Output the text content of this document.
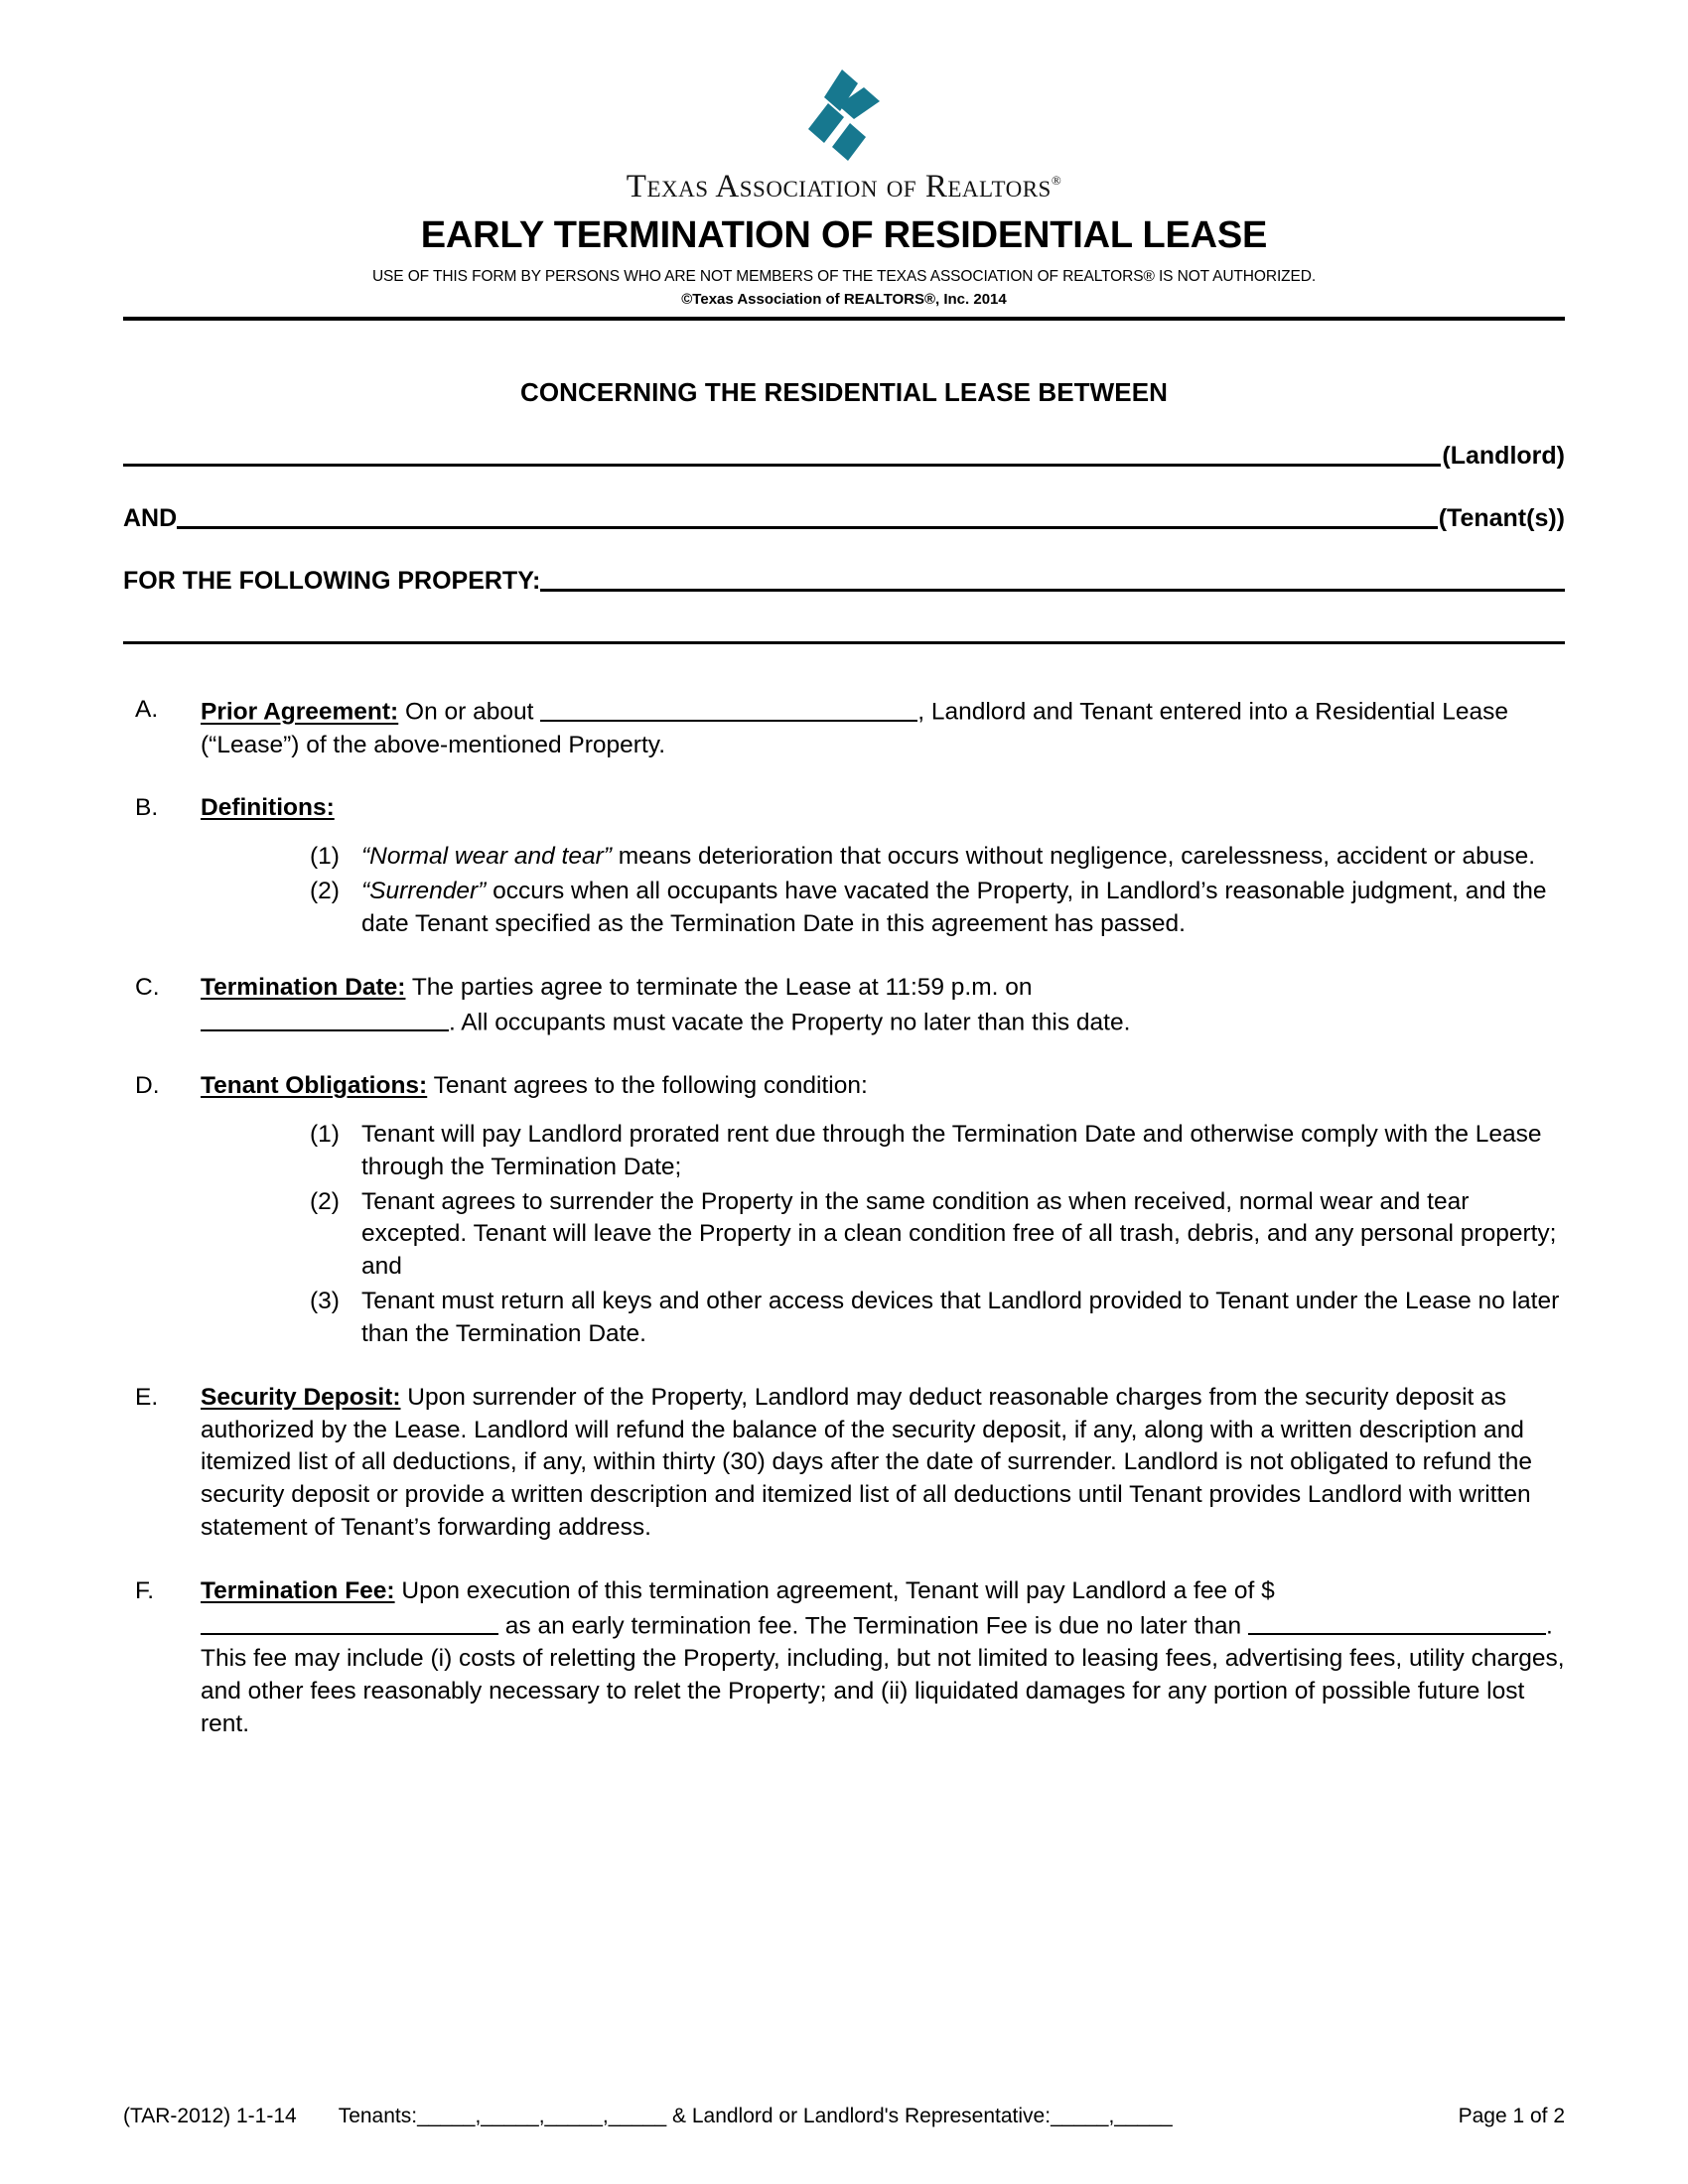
Texas Association of Realtors®
EARLY TERMINATION OF RESIDENTIAL LEASE
USE OF THIS FORM BY PERSONS WHO ARE NOT MEMBERS OF THE TEXAS ASSOCIATION OF REALTORS® IS NOT AUTHORIZED.
©Texas Association of REALTORS®, Inc. 2014
CONCERNING THE RESIDENTIAL LEASE BETWEEN
(Landlord)
AND	(Tenant(s))
FOR THE FOLLOWING PROPERTY:
A.	Prior Agreement: On or about	, Landlord and Tenant entered into a Residential Lease (“Lease”) of the above-mentioned Property.
B.	Definitions:
(1) “Normal wear and tear” means deterioration that occurs without negligence, carelessness, accident or abuse.
(2) “Surrender” occurs when all occupants have vacated the Property, in Landlord’s reasonable judgment, and the date Tenant specified as the Termination Date in this agreement has passed.
C.	Termination Date: The parties agree to terminate the Lease at 11:59 p.m. on
. All occupants must vacate the Property no later than this date.
D.	Tenant Obligations: Tenant agrees to the following condition:
(1) Tenant will pay Landlord prorated rent due through the Termination Date and otherwise comply with the Lease through the Termination Date;
(2) Tenant agrees to surrender the Property in the same condition as when received, normal wear and tear excepted. Tenant will leave the Property in a clean condition free of all trash, debris, and any personal property; and
(3) Tenant must return all keys and other access devices that Landlord provided to Tenant under the Lease no later than the Termination Date.
E.	Security Deposit: Upon surrender of the Property, Landlord may deduct reasonable charges from the security deposit as authorized by the Lease. Landlord will refund the balance of the security deposit, if any, along with a written description and itemized list of all deductions, if any, within thirty (30) days after the date of surrender. Landlord is not obligated to refund the security deposit or provide a written description and itemized list of all deductions until Tenant provides Landlord with written statement of Tenant’s forwarding address.
F.	Termination Fee: Upon execution of this termination agreement, Tenant will pay Landlord a fee of $ as an early termination fee. The Termination Fee is due no later than	. This fee may include (i) costs of reletting the Property, including, but not limited to leasing fees, advertising fees, utility charges, and other fees reasonably necessary to relet the Property; and (ii) liquidated damages for any portion of possible future lost rent.
(TAR-2012) 1-1-14	Tenants:_____,_____,_____,_____ & Landlord or Landlord's Representative:_____,_____	Page 1 of 2
